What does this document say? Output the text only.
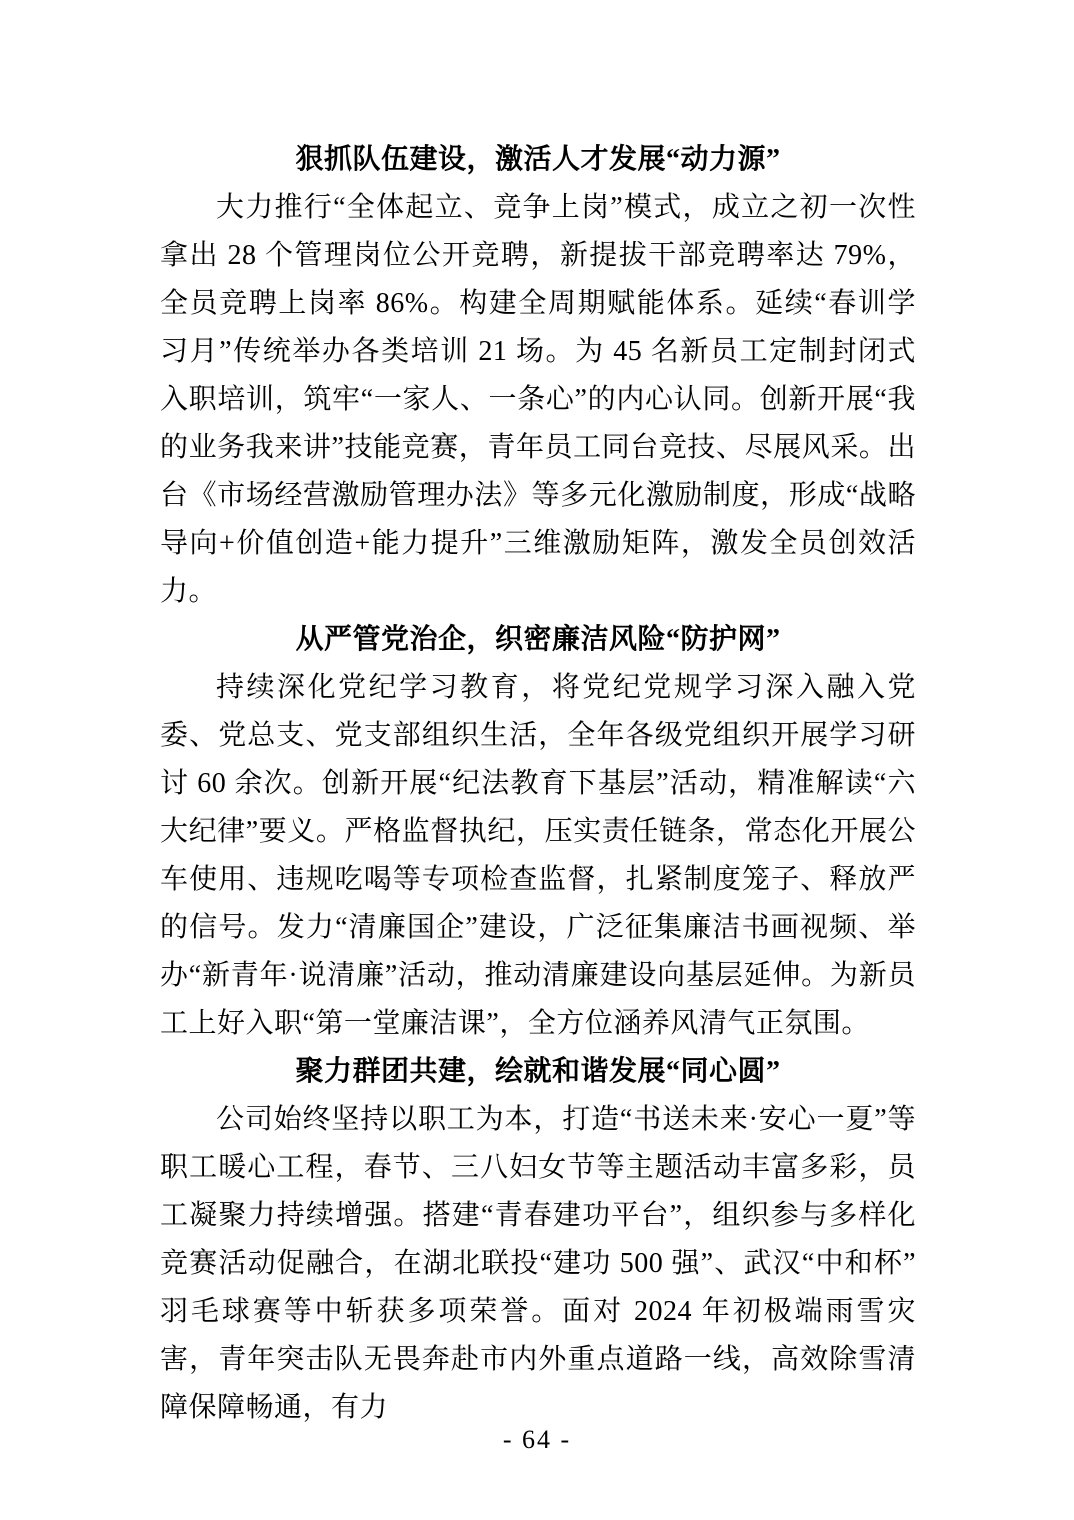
狠抓队伍建设，激活人才发展“动力源”

大力推行“全体起立、竞争上岗”模式，成立之初一次性拿出 28 个管理岗位公开竞聘，新提拔干部竞聘率达 79%，全员竞聘上岗率 86%。构建全周期赋能体系。延续“春训学习月”传统举办各类培训 21 场。为 45 名新员工定制封闭式入职培训，筑牢“一家人、一条心”的内心认同。创新开展“我的业务我来讲”技能竞赛，青年员工同台竞技、尽展风采。出台《市场经营激励管理办法》等多元化激励制度，形成“战略导向+价值创造+能力提升”三维激励矩阵，激发全员创效活力。

从严管党治企，织密廉洁风险“防护网”

持续深化党纪学习教育，将党纪党规学习深入融入党委、党总支、党支部组织生活，全年各级党组织开展学习研讨 60 余次。创新开展“纪法教育下基层”活动，精准解读“六大纪律”要义。严格监督执纪，压实责任链条，常态化开展公车使用、违规吃喝等专项检查监督，扎紧制度笼子、释放严的信号。发力“清廉国企”建设，广泛征集廉洁书画视频、举办“新青年·说清廉”活动，推动清廉建设向基层延伸。为新员工上好入职“第一堂廉洁课”，全方位涵养风清气正氛围。

聚力群团共建，绘就和谐发展“同心圆”

公司始终坚持以职工为本，打造“书送未来·安心一夏”等职工暖心工程，春节、三八妇女节等主题活动丰富多彩，员工凝聚力持续增强。搭建“青春建功平台”，组织参与多样化竞赛活动促融合，在湖北联投“建功 500 强”、武汉“中和杯”羽毛球赛等中斩获多项荣誉。面对 2024 年初极端雨雪灾害，青年突击队无畏奔赴市内外重点道路一线，高效除雪清障保障畅通，有力

- 64 -
